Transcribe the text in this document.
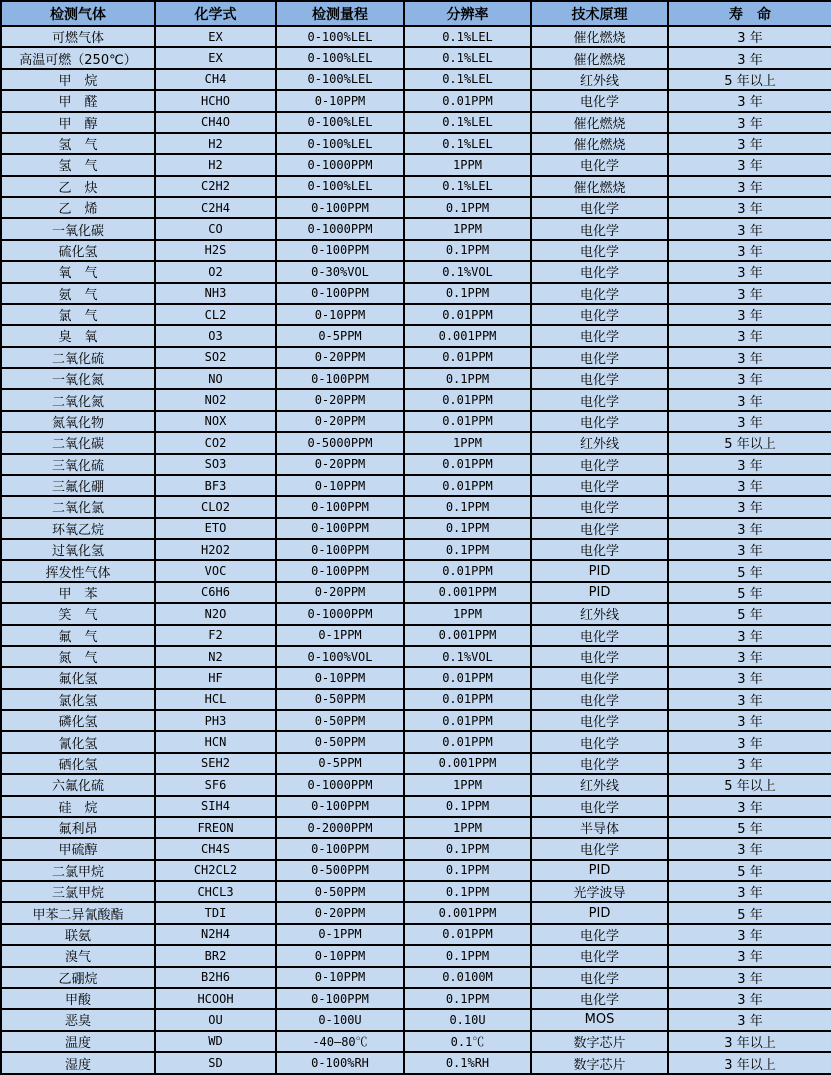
检测气体	化学式	检测量程	分辨率	技术原理	寿　命
可燃气体	EX	0-100%LEL	0.1%LEL	催化燃烧	3 年
高温可燃（250℃）	EX	0-100%LEL	0.1%LEL	催化燃烧	3 年
甲　烷	CH4	0-100%LEL	0.1%LEL	红外线	5 年以上
甲　醛	HCHO	0-10PPM	0.01PPM	电化学	3 年
甲　醇	CH4O	0-100%LEL	0.1%LEL	催化燃烧	3 年
氢　气	H2	0-100%LEL	0.1%LEL	催化燃烧	3 年
氢　气	H2	0-1000PPM	1PPM	电化学	3 年
乙　炔	C2H2	0-100%LEL	0.1%LEL	催化燃烧	3 年
乙　烯	C2H4	0-100PPM	0.1PPM	电化学	3 年
一氧化碳	CO	0-1000PPM	1PPM	电化学	3 年
硫化氢	H2S	0-100PPM	0.1PPM	电化学	3 年
氧　气	O2	0-30%VOL	0.1%VOL	电化学	3 年
氨　气	NH3	0-100PPM	0.1PPM	电化学	3 年
氯　气	CL2	0-10PPM	0.01PPM	电化学	3 年
臭　氧	O3	0-5PPM	0.001PPM	电化学	3 年
二氧化硫	SO2	0-20PPM	0.01PPM	电化学	3 年
一氧化氮	NO	0-100PPM	0.1PPM	电化学	3 年
二氧化氮	NO2	0-20PPM	0.01PPM	电化学	3 年
氮氧化物	NOX	0-20PPM	0.01PPM	电化学	3 年
二氧化碳	CO2	0-5000PPM	1PPM	红外线	5 年以上
三氧化硫	SO3	0-20PPM	0.01PPM	电化学	3 年
三氟化硼	BF3	0-10PPM	0.01PPM	电化学	3 年
二氧化氯	CLO2	0-100PPM	0.1PPM	电化学	3 年
环氧乙烷	ETO	0-100PPM	0.1PPM	电化学	3 年
过氧化氢	H2O2	0-100PPM	0.1PPM	电化学	3 年
挥发性气体	VOC	0-100PPM	0.01PPM	PID	5 年
甲　苯	C6H6	0-20PPM	0.001PPM	PID	5 年
笑　气	N2O	0-1000PPM	1PPM	红外线	5 年
氟　气	F2	0-1PPM	0.001PPM	电化学	3 年
氮　气	N2	0-100%VOL	0.1%VOL	电化学	3 年
氟化氢	HF	0-10PPM	0.01PPM	电化学	3 年
氯化氢	HCL	0-50PPM	0.01PPM	电化学	3 年
磷化氢	PH3	0-50PPM	0.01PPM	电化学	3 年
氰化氢	HCN	0-50PPM	0.01PPM	电化学	3 年
硒化氢	SEH2	0-5PPM	0.001PPM	电化学	3 年
六氟化硫	SF6	0-1000PPM	1PPM	红外线	5 年以上
硅　烷	SIH4	0-100PPM	0.1PPM	电化学	3 年
氟利昂	FREON	0-2000PPM	1PPM	半导体	5 年
甲硫醇	CH4S	0-100PPM	0.1PPM	电化学	3 年
二氯甲烷	CH2CL2	0-500PPM	0.1PPM	PID	5 年
三氯甲烷	CHCL3	0-50PPM	0.1PPM	光学波导	3 年
甲苯二异氰酸酯	TDI	0-20PPM	0.001PPM	PID	5 年
联氨	N2H4	0-1PPM	0.01PPM	电化学	3 年
溴气	BR2	0-10PPM	0.1PPM	电化学	3 年
乙硼烷	B2H6	0-10PPM	0.0100M	电化学	3 年
甲酸	HCOOH	0-100PPM	0.1PPM	电化学	3 年
恶臭	OU	0-100U	0.10U	MOS	3 年
温度	WD	-40—80℃	0.1℃	数字芯片	3 年以上
湿度	SD	0-100%RH	0.1%RH	数字芯片	3 年以上
